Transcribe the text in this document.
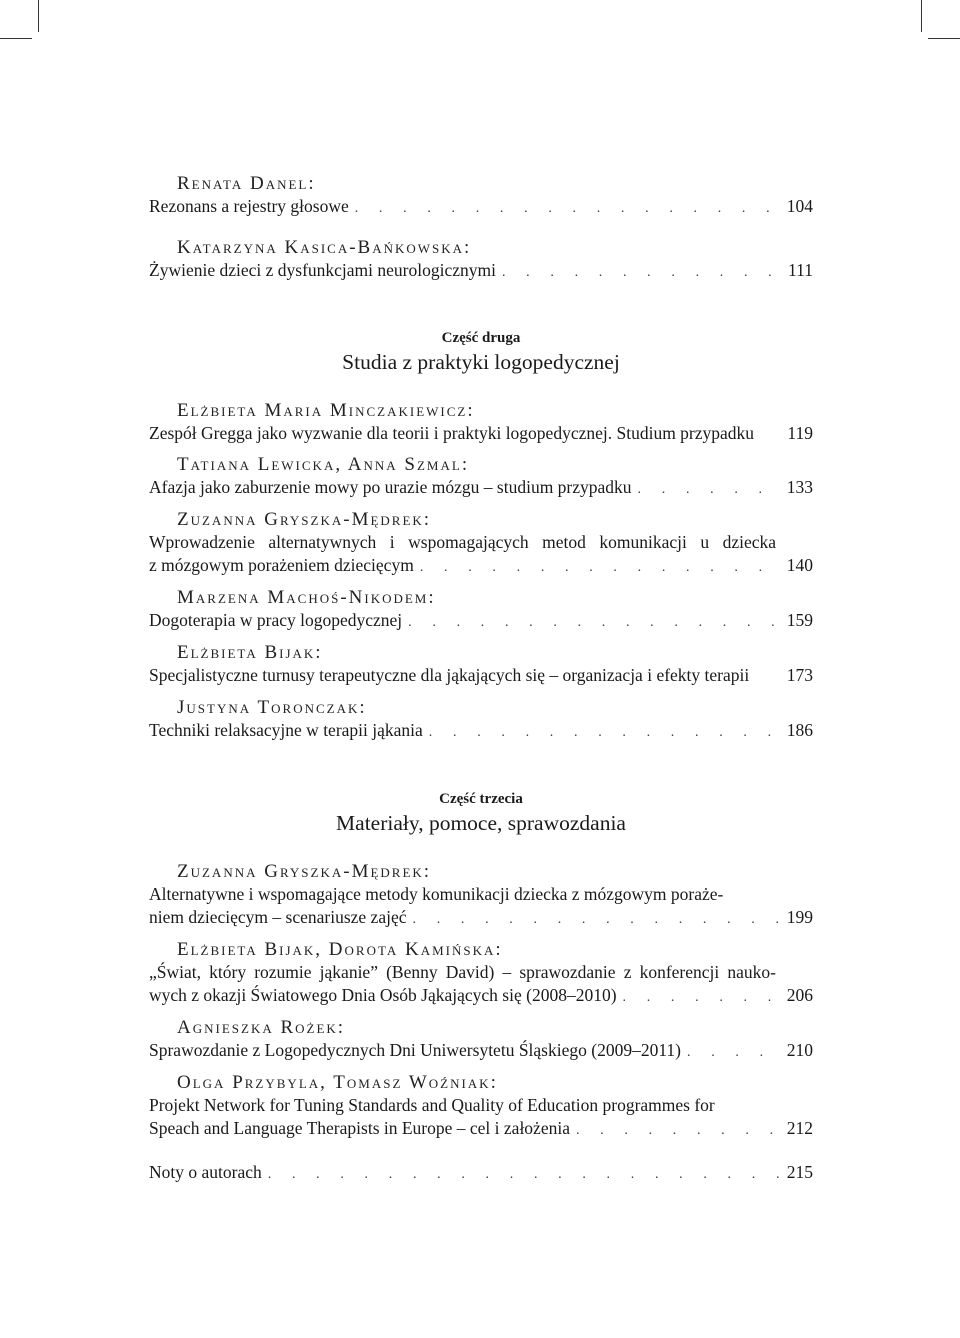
Renata Danel:
Rezonans a rejestry głosowe . . .	104
Katarzyna Kasica-Bańkowska:
Żywienie dzieci z dysfunkcjami neurologicznymi . . .	111
Część druga
Studia z praktyki logopedycznej
Elżbieta Maria Minczakiewicz:
Zespół Gregga jako wyzwanie dla teorii i praktyki logopedycznej. Studium przypadku 119
Tatiana Lewicka, Anna Szmal:
Afazja jako zaburzenie mowy po urazie mózgu – studium przypadku . . .	133
Zuzanna Gryszka-Mędrek:
Wprowadzenie alternatywnych i wspomagających metod komunikacji u dziecka
z mózgowym porażeniem dziecięcym . . .	140
Marzena Machoś-Nikodem:
Dogoterapia w pracy logopedycznej . . .	159
Elżbieta Bijak:
Specjalistyczne turnusy terapeutyczne dla jąkających się – organizacja i efekty terapii 173
Justyna Toronczak:
Techniki relaksacyjne w terapii jąkania . . .	186
Część trzecia
Materiały, pomoce, sprawozdania
Zuzanna Gryszka-Mędrek:
Alternatywne i wspomagające metody komunikacji dziecka z mózgowym poraże-
niem dziecięcym – scenariusze zajęć . . .	199
Elżbieta Bijak, Dorota Kamińska:
„Świat, który rozumie jąkanie” (Benny David) – sprawozdanie z konferencji nauko-
wych z okazji Światowego Dnia Osób Jąkających się (2008–2010) . . .	206
Agnieszka Rożek:
Sprawozdanie z Logopedycznych Dni Uniwersytetu Śląskiego (2009–2011) . . .	210
Olga Przybyla, Tomasz Woźniak:
Projekt Network for Tuning Standards and Quality of Education programmes for
Speach and Language Therapists in Europe – cel i założenia . . .	212
Noty o autorach . . .	215
